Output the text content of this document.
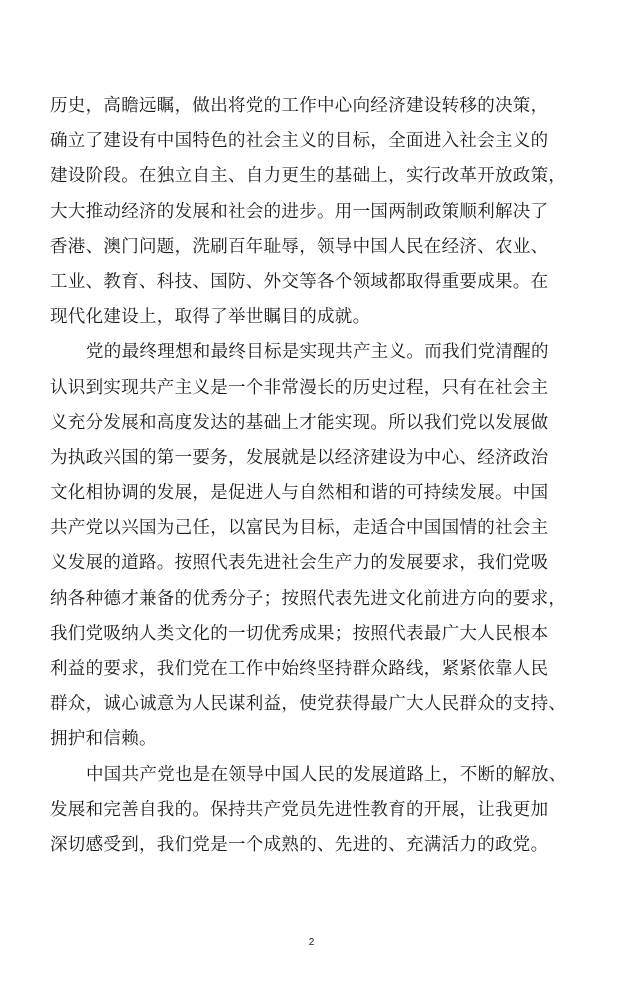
历史，高瞻远瞩，做出将党的工作中心向经济建设转移的决策，
确立了建设有中国特色的社会主义的目标，全面进入社会主义的
建设阶段。在独立自主、自力更生的基础上，实行改革开放政策，
大大推动经济的发展和社会的进步。用一国两制政策顺利解决了
香港、澳门问题，洗刷百年耻辱，领导中国人民在经济、农业、
工业、教育、科技、国防、外交等各个领域都取得重要成果。在
现代化建设上，取得了举世瞩目的成就。
党的最终理想和最终目标是实现共产主义。而我们党清醒的
认识到实现共产主义是一个非常漫长的历史过程，只有在社会主
义充分发展和高度发达的基础上才能实现。所以我们党以发展做
为执政兴国的第一要务，发展就是以经济建设为中心、经济政治
文化相协调的发展，是促进人与自然相和谐的可持续发展。中国
共产党以兴国为己任，以富民为目标，走适合中国国情的社会主
义发展的道路。按照代表先进社会生产力的发展要求，我们党吸
纳各种德才兼备的优秀分子；按照代表先进文化前进方向的要求，
我们党吸纳人类文化的一切优秀成果；按照代表最广大人民根本
利益的要求，我们党在工作中始终坚持群众路线，紧紧依靠人民
群众，诚心诚意为人民谋利益，使党获得最广大人民群众的支持、
拥护和信赖。
中国共产党也是在领导中国人民的发展道路上，不断的解放、
发展和完善自我的。保持共产党员先进性教育的开展，让我更加
深切感受到，我们党是一个成熟的、先进的、充满活力的政党。
2
